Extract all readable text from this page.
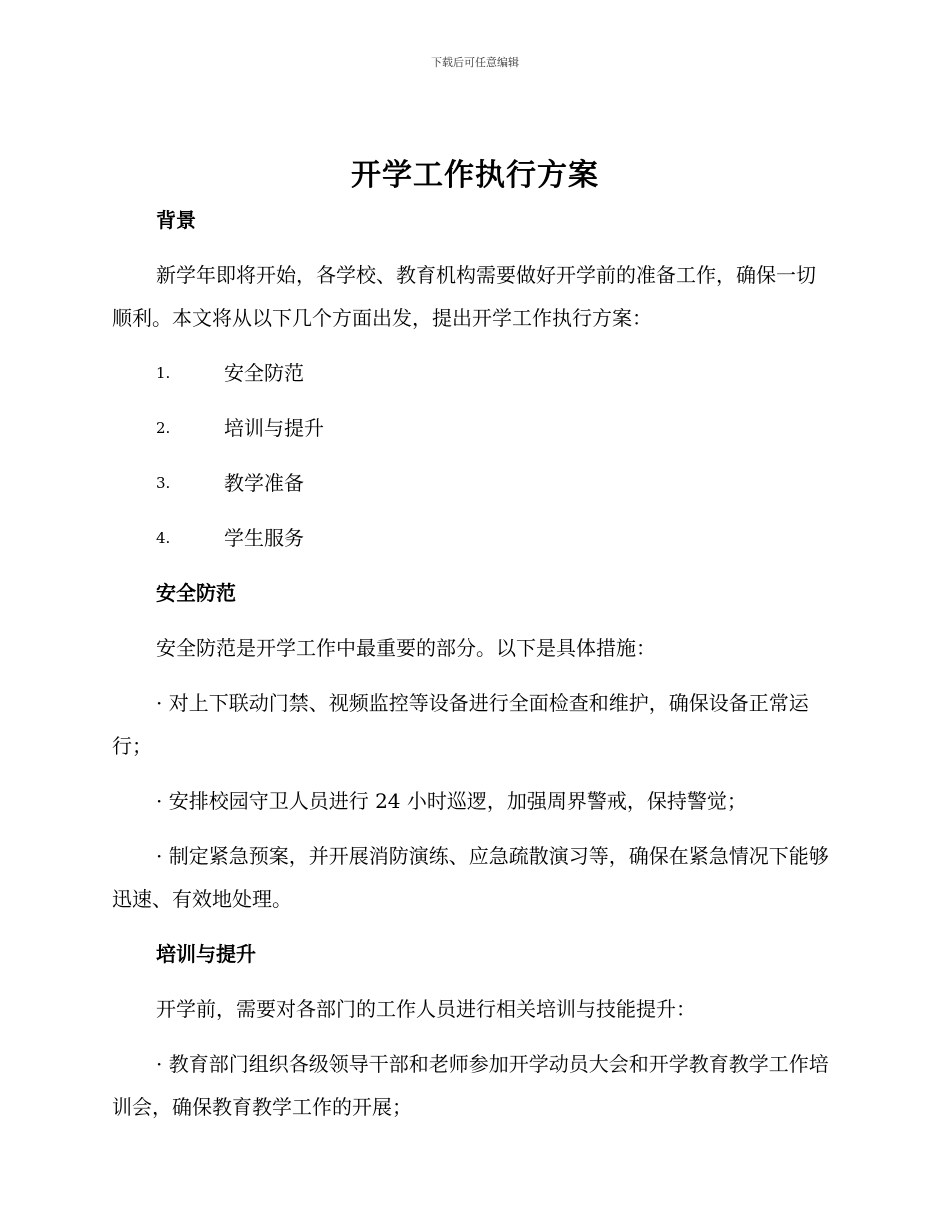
下载后可任意编辑
开学工作执行方案
背景

新学年即将开始，各学校、教育机构需要做好开学前的准备工作，确保一切顺利。本文将从以下几个方面出发，提出开学工作执行方案：

1.	安全防范
2.	培训与提升
3.	教学准备
4.	学生服务
安全防范

安全防范是开学工作中最重要的部分。以下是具体措施：

· 对上下联动门禁、视频监控等设备进行全面检查和维护，确保设备正常运行；

· 安排校园守卫人员进行 24 小时巡逻，加强周界警戒，保持警觉；

· 制定紧急预案，并开展消防演练、应急疏散演习等，确保在紧急情况下能够迅速、有效地处理。

培训与提升

开学前，需要对各部门的工作人员进行相关培训与技能提升：

· 教育部门组织各级领导干部和老师参加开学动员大会和开学教育教学工作培训会，确保教育教学工作的开展；
